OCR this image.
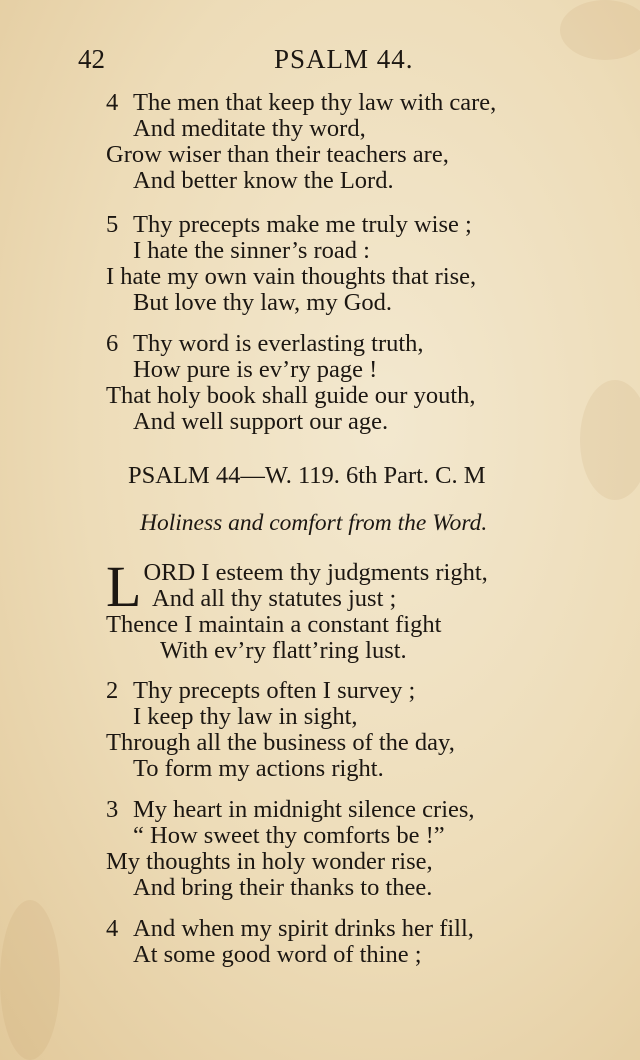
42	PSALM 44.
4 The men that keep thy law with care,
And meditate thy word,
Grow wiser than their teachers are,
And better know the Lord.
5 Thy precepts make me truly wise ;
I hate the sinner’s road :
I hate my own vain thoughts that rise,
But love thy law, my God.
6 Thy word is everlasting truth,
How pure is ev’ry page !
That holy book shall guide our youth,
And well support our age.
PSALM 44—W. 119. 6th Part. C. M
Holiness and comfort from the Word.
L ORD I esteem thy judgments right,
And all thy statutes just ;
Thence I maintain a constant fight
With ev’ry flatt’ring lust.
2 Thy precepts often I survey ;
I keep thy law in sight,
Through all the business of the day,
To form my actions right.
3 My heart in midnight silence cries,
“ How sweet thy comforts be !”
My thoughts in holy wonder rise,
And bring their thanks to thee.
4 And when my spirit drinks her fill,
At some good word of thine ;
